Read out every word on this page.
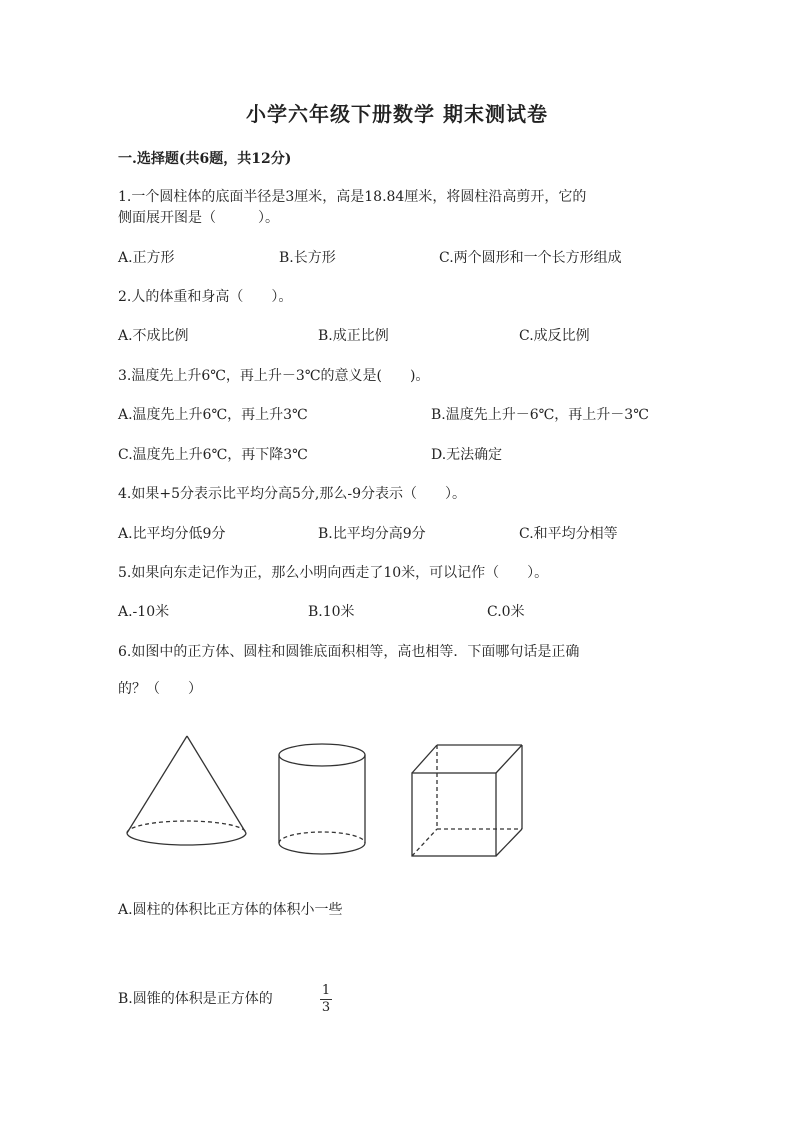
小学六年级下册数学 期末测试卷
一.选择题(共6题，共12分)
1.一个圆柱体的底面半径是3厘米，高是18.84厘米，将圆柱沿高剪开，它的
侧面展开图是（　　　）。
A.正方形	B.长方形	C.两个圆形和一个长方形组成
2.人的体重和身高（　　）。
A.不成比例	B.成正比例	C.成反比例
3.温度先上升6℃，再上升－3℃的意义是(　　)。
A.温度先上升6℃，再上升3℃	B.温度先上升－6℃，再上升－3℃
C.温度先上升6℃，再下降3℃	D.无法确定
4.如果+5分表示比平均分高5分,那么-9分表示（　　）。
A.比平均分低9分	B.比平均分高9分	C.和平均分相等
5.如果向东走记作为正，那么小明向西走了10米，可以记作（　　）。
A.-10米	B.10米	C.0米
6.如图中的正方体、圆柱和圆锥底面积相等，高也相等．下面哪句话是正确
的？（　　）
A.圆柱的体积比正方体的体积小一些
B.圆锥的体积是正方体的
1
3
